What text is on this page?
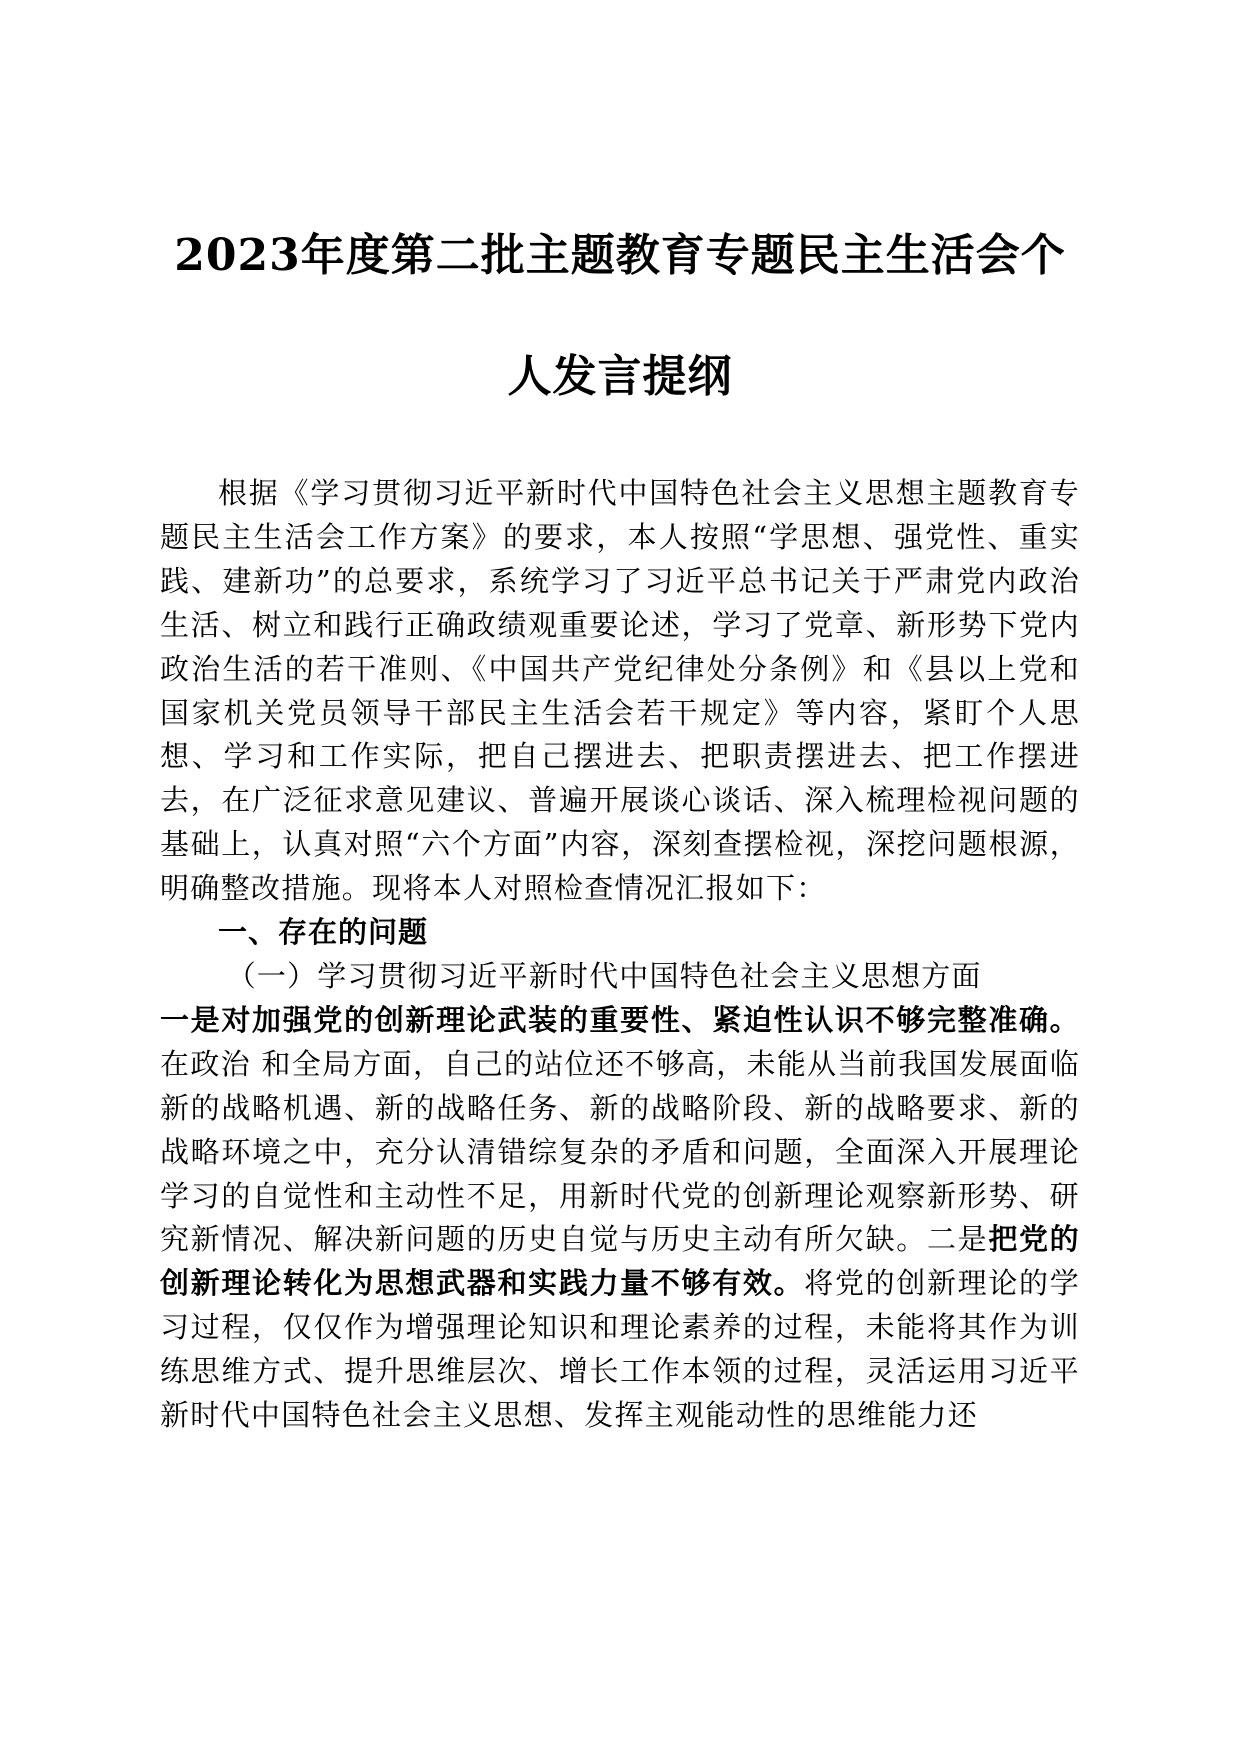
2023年度第二批主题教育专题民主生活会个
人发言提纲

根据《学习贯彻习近平新时代中国特色社会主义思想主题教育专题民主生活会工作方案》的要求，本人按照“学思想、强党性、重实践、建新功”的总要求，系统学习了习近平总书记关于严肃党内政治生活、树立和践行正确政绩观重要论述，学习了党章、新形势下党内政治生活的若干准则、《中国共产党纪律处分条例》和《县以上党和国家机关党员领导干部民主生活会若干规定》等内容，紧盯个人思想、学习和工作实际，把自己摆进去、把职责摆进去、把工作摆进去，在广泛征求意见建议、普遍开展谈心谈话、深入梳理检视问题的基础上，认真对照“六个方面”内容，深刻查摆检视，深挖问题根源，明确整改措施。现将本人对照检查情况汇报如下：

一、存在的问题

（一）学习贯彻习近平新时代中国特色社会主义思想方面

一是对加强党的创新理论武装的重要性、紧迫性认识不够完整准确。在政治 和全局方面，自己的站位还不够高，未能从当前我国发展面临新的战略机遇、新的战略任务、新的战略阶段、新的战略要求、新的战略环境之中，充分认清错综复杂的矛盾和问题，全面深入开展理论学习的自觉性和主动性不足，用新时代党的创新理论观察新形势、研究新情况、解决新问题的历史自觉与历史主动有所欠缺。二是把党的创新理论转化为思想武器和实践力量不够有效。将党的创新理论的学习过程，仅仅作为增强理论知识和理论素养的过程，未能将其作为训练思维方式、提升思维层次、增长工作本领的过程，灵活运用习近平新时代中国特色社会主义思想、发挥主观能动性的思维能力还
